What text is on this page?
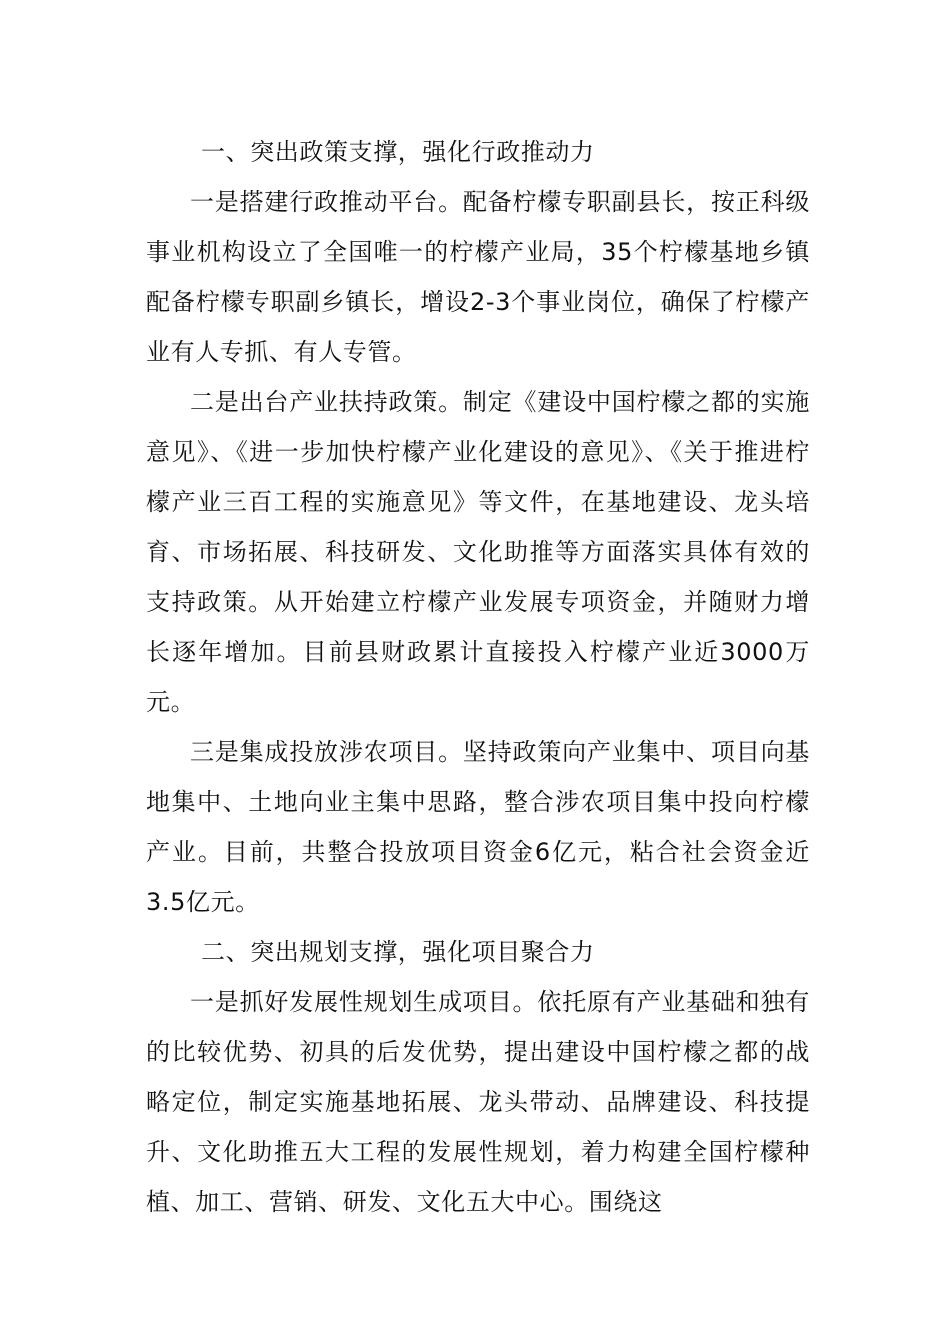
一、突出政策支撑，强化行政推动力

一是搭建行政推动平台。配备柠檬专职副县长，按正科级事业机构设立了全国唯一的柠檬产业局，35个柠檬基地乡镇配备柠檬专职副乡镇长，增设2-3个事业岗位，确保了柠檬产业有人专抓、有人专管。

二是出台产业扶持政策。制定《建设中国柠檬之都的实施意见》、《进一步加快柠檬产业化建设的意见》、《关于推进柠檬产业三百工程的实施意见》等文件，在基地建设、龙头培育、市场拓展、科技研发、文化助推等方面落实具体有效的支持政策。从开始建立柠檬产业发展专项资金，并随财力增长逐年增加。目前县财政累计直接投入柠檬产业近3000万元。

三是集成投放涉农项目。坚持政策向产业集中、项目向基地集中、土地向业主集中思路，整合涉农项目集中投向柠檬产业。目前，共整合投放项目资金6亿元，粘合社会资金近3.5亿元。

二、突出规划支撑，强化项目聚合力

一是抓好发展性规划生成项目。依托原有产业基础和独有的比较优势、初具的后发优势，提出建设中国柠檬之都的战略定位，制定实施基地拓展、龙头带动、品牌建设、科技提升、文化助推五大工程的发展性规划，着力构建全国柠檬种植、加工、营销、研发、文化五大中心。围绕这
